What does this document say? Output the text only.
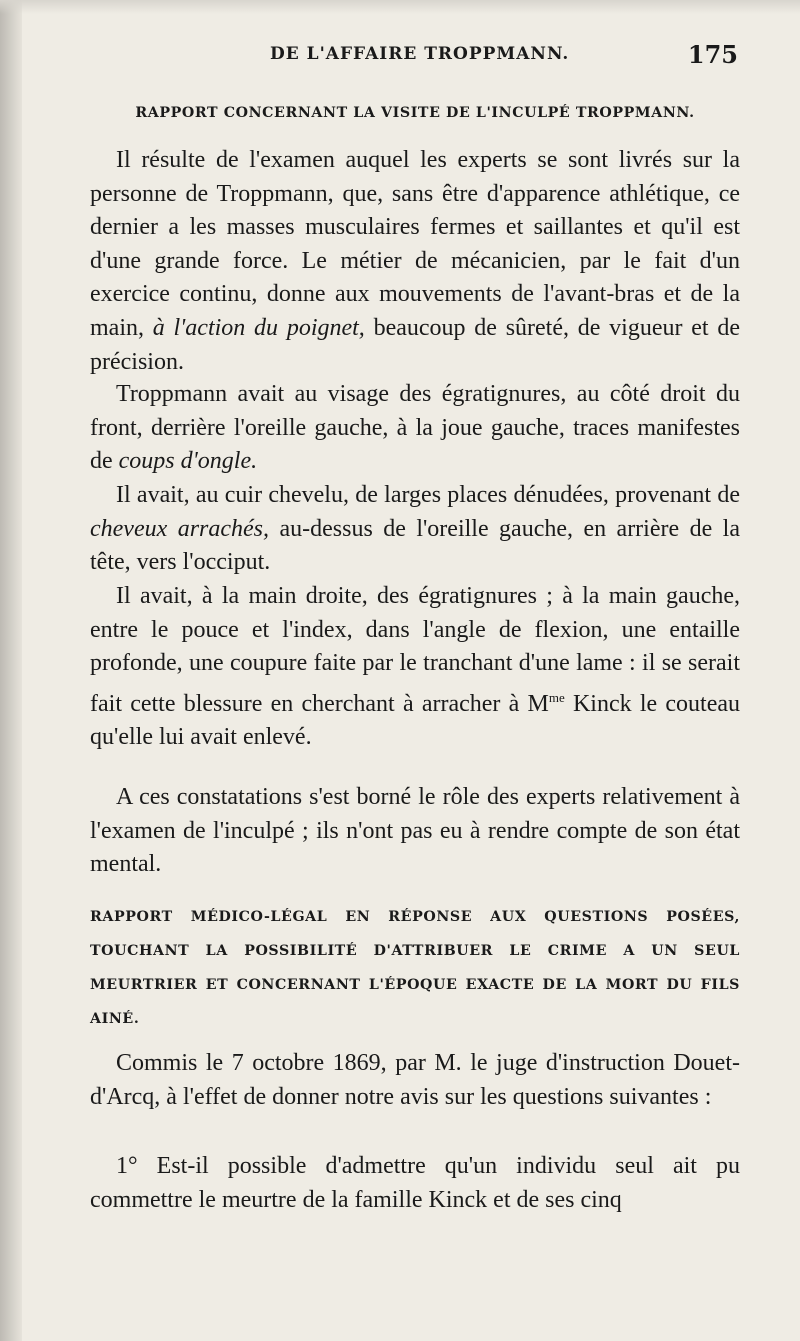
DE L'AFFAIRE TROPPMANN.	175
RAPPORT CONCERNANT LA VISITE DE L'INCULPÉ TROPPMANN.

Il résulte de l'examen auquel les experts se sont livrés sur la personne de Troppmann, que, sans être d'apparence athlétique, ce dernier a les masses musculaires fermes et saillantes et qu'il est d'une grande force. Le métier de mécanicien, par le fait d'un exercice continu, donne aux mouvements de l'avant-bras et de la main, à l'action du poignet, beaucoup de sûreté, de vigueur et de précision.

Troppmann avait au visage des égratignures, au côté droit du front, derrière l'oreille gauche, à la joue gauche, traces manifestes de coups d'ongle.

Il avait, au cuir chevelu, de larges places dénudées, provenant de cheveux arrachés, au-dessus de l'oreille gauche, en arrière de la tête, vers l'occiput.

Il avait, à la main droite, des égratignures ; à la main gauche, entre le pouce et l'index, dans l'angle de flexion, une entaille profonde, une coupure faite par le tranchant d'une lame : il se serait fait cette blessure en cherchant à arracher à $M^{me}$ Kinck le couteau qu'elle lui avait enlevé.

A ces constatations s'est borné le rôle des experts relativement à l'examen de l'inculpé ; ils n'ont pas eu à rendre compte de son état mental.

RAPPORT MÉDICO-LÉGAL EN RÉPONSE AUX QUESTIONS POSÉES, TOUCHANT LA POSSIBILITÉ D'ATTRIBUER LE CRIME A UN SEUL MEURTRIER ET CONCERNANT L'ÉPOQUE EXACTE DE LA MORT DU FILS AINÉ.

Commis le 7 octobre 1869, par M. le juge d'instruction Douet-d'Arcq, à l'effet de donner notre avis sur les questions suivantes :

1° Est-il possible d'admettre qu'un individu seul ait pu commettre le meurtre de la famille Kinck et de ses cinq
